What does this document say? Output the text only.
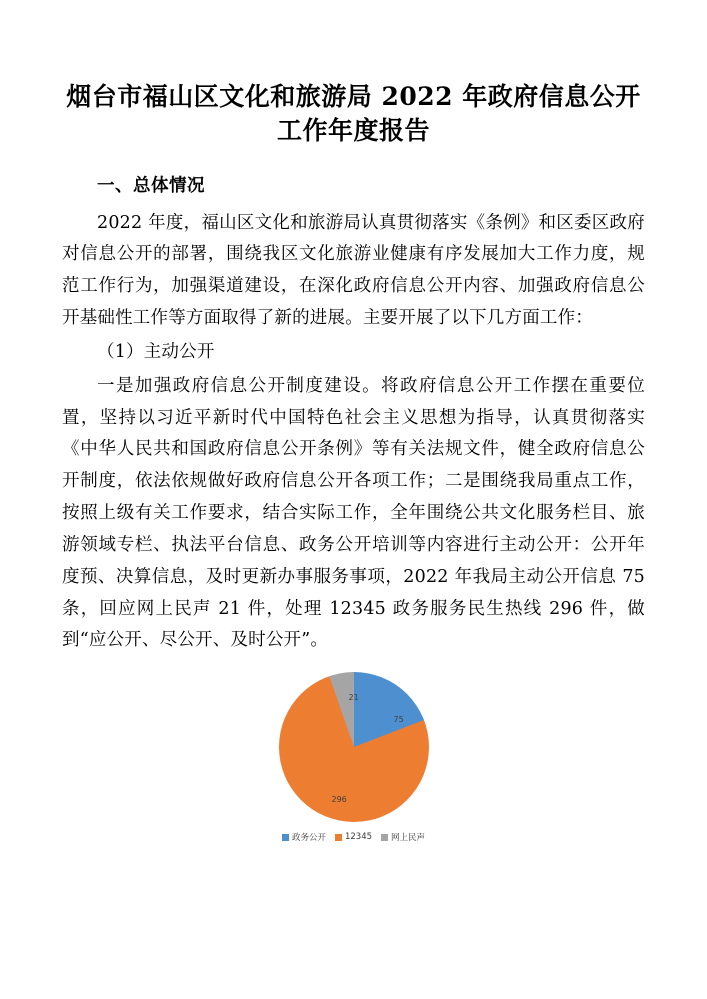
烟台市福山区文化和旅游局 2022 年政府信息公开工作年度报告
一、总体情况

2022 年度，福山区文化和旅游局认真贯彻落实《条例》和区委区政府对信息公开的部署，围绕我区文化旅游业健康有序发展加大工作力度，规范工作行为，加强渠道建设，在深化政府信息公开内容、加强政府信息公开基础性工作等方面取得了新的进展。主要开展了以下几方面工作：

（1）主动公开

一是加强政府信息公开制度建设。将政府信息公开工作摆在重要位置，坚持以习近平新时代中国特色社会主义思想为指导，认真贯彻落实《中华人民共和国政府信息公开条例》等有关法规文件，健全政府信息公开制度，依法依规做好政府信息公开各项工作；二是围绕我局重点工作，按照上级有关工作要求，结合实际工作，全年围绕公共文化服务栏目、旅游领域专栏、执法平台信息、政务公开培训等内容进行主动公开：公开年度预、决算信息，及时更新办事服务事项，2022 年我局主动公开信息 75 条，回应网上民声 21 件，处理 12345 政务服务民生热线 296 件，做到“应公开、尽公开、及时公开”。

75
296
21
政务公开 12345 网上民声
